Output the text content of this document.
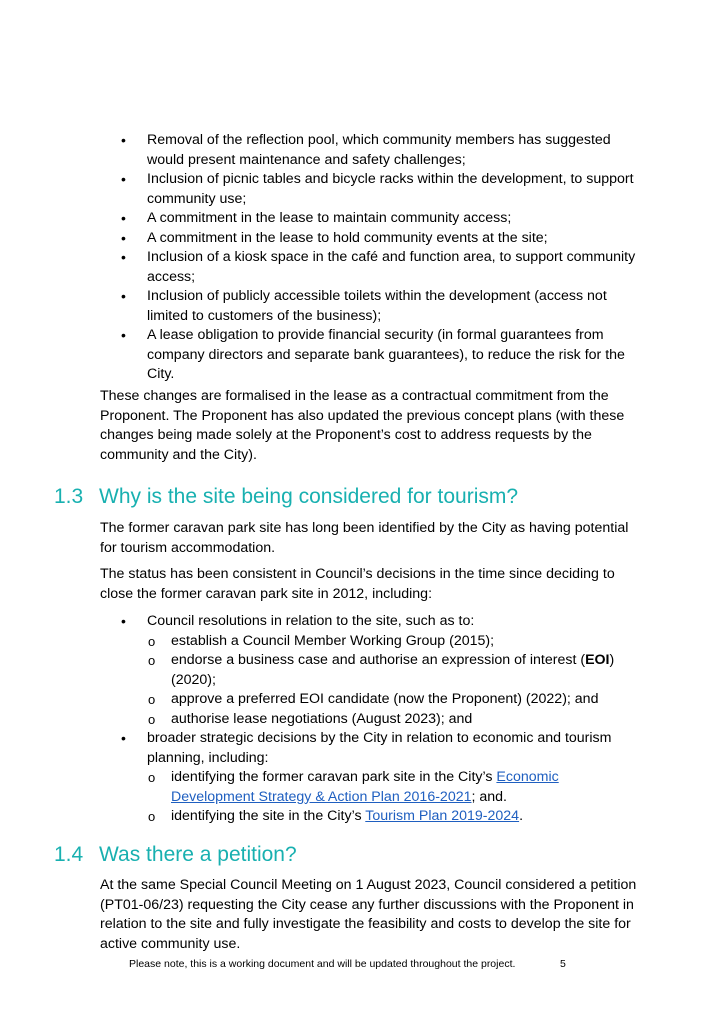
• Removal of the reflection pool, which community members has suggested would present maintenance and safety challenges;
• Inclusion of picnic tables and bicycle racks within the development, to support community use;
• A commitment in the lease to maintain community access;
• A commitment in the lease to hold community events at the site;
• Inclusion of a kiosk space in the café and function area, to support community access;
• Inclusion of publicly accessible toilets within the development (access not limited to customers of the business);
• A lease obligation to provide financial security (in formal guarantees from company directors and separate bank guarantees), to reduce the risk for the City.

These changes are formalised in the lease as a contractual commitment from the Proponent. The Proponent has also updated the previous concept plans (with these changes being made solely at the Proponent’s cost to address requests by the community and the City).

1.3 Why is the site being considered for tourism?

The former caravan park site has long been identified by the City as having potential for tourism accommodation.

The status has been consistent in Council’s decisions in the time since deciding to close the former caravan park site in 2012, including:

• Council resolutions in relation to the site, such as to:
o establish a Council Member Working Group (2015);
o endorse a business case and authorise an expression of interest (EOI) (2020);
o approve a preferred EOI candidate (now the Proponent) (2022); and
o authorise lease negotiations (August 2023); and
• broader strategic decisions by the City in relation to economic and tourism planning, including:
o identifying the former caravan park site in the City’s Economic Development Strategy & Action Plan 2016-2021; and.
o identifying the site in the City’s Tourism Plan 2019-2024.
1.4 Was there a petition?

At the same Special Council Meeting on 1 August 2023, Council considered a petition (PT01-06/23) requesting the City cease any further discussions with the Proponent in relation to the site and fully investigate the feasibility and costs to develop the site for active community use.

Please note, this is a working document and will be updated throughout the project.	5
